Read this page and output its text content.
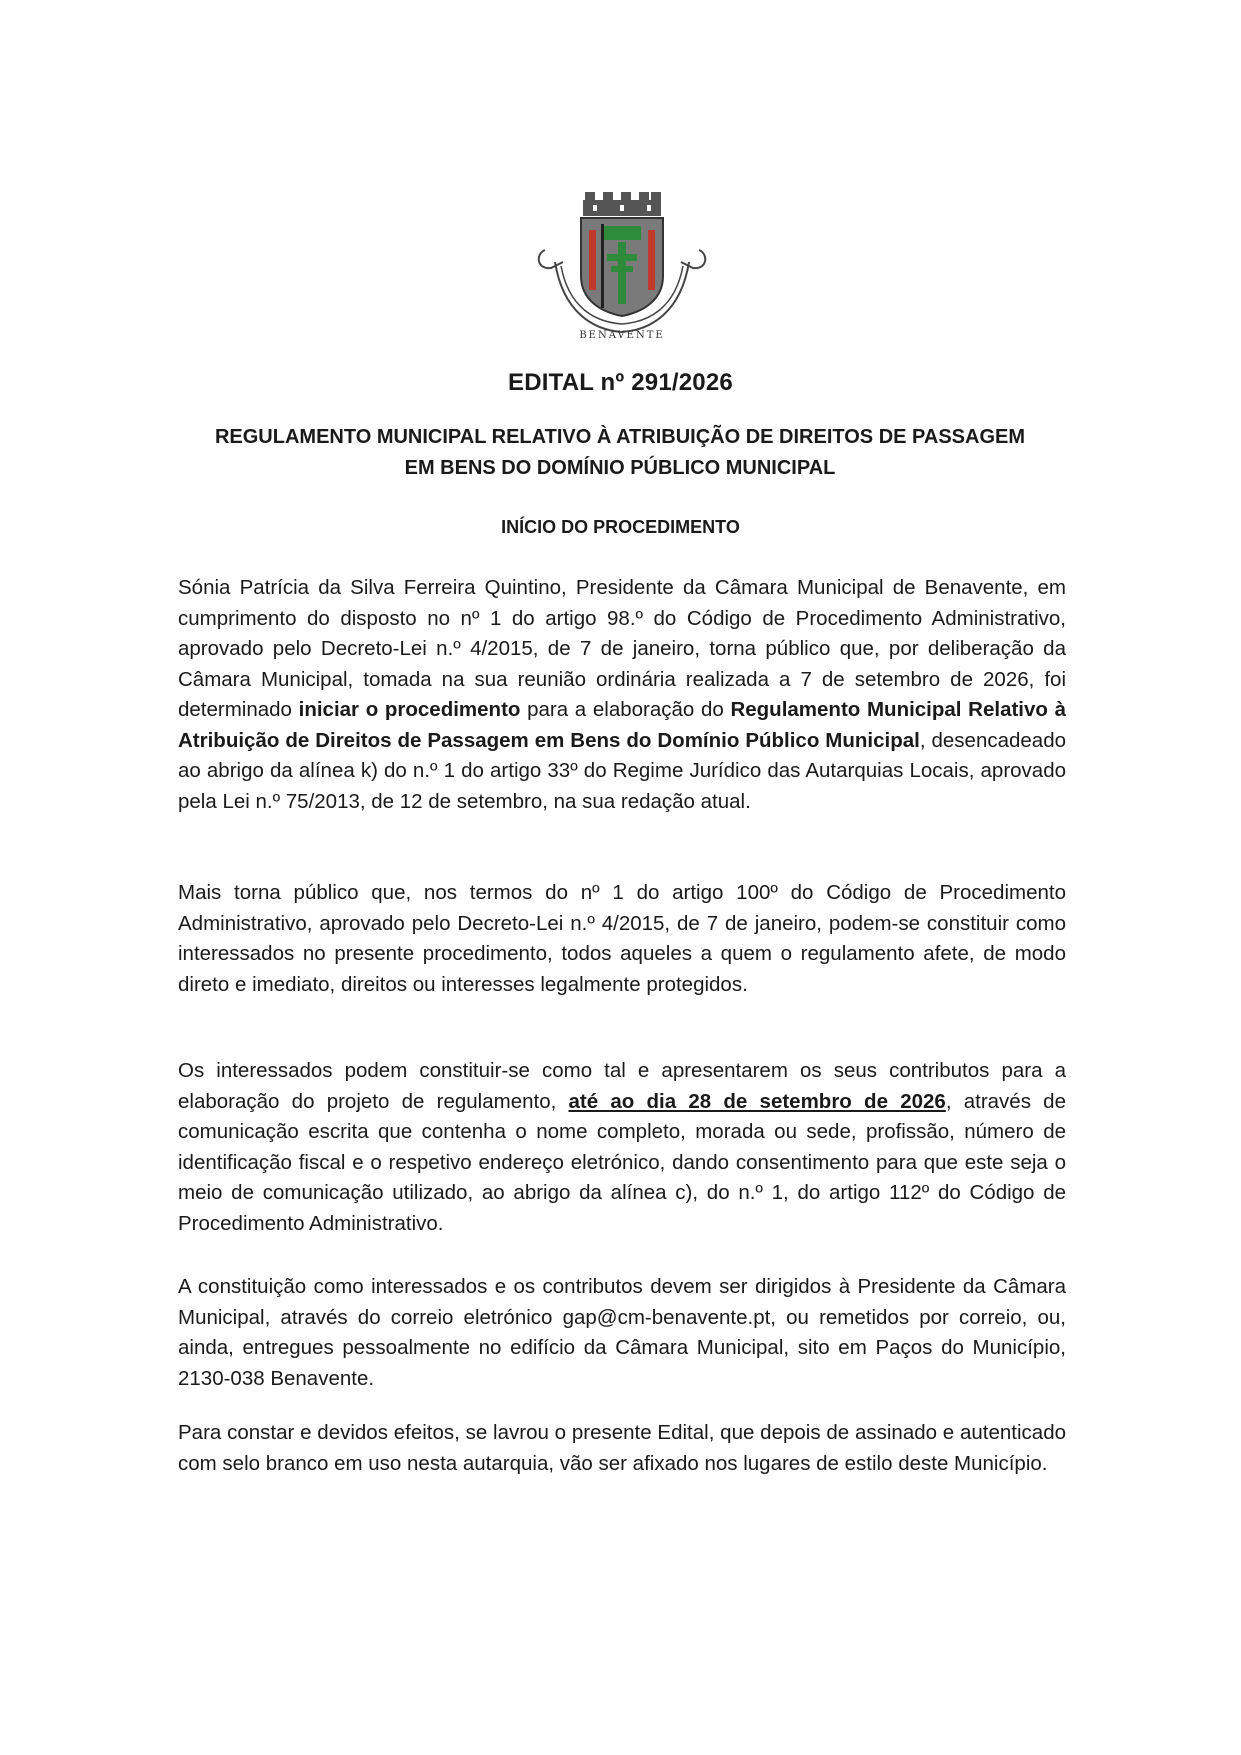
BENAVENTE
EDITAL nº 291/2026
REGULAMENTO MUNICIPAL RELATIVO À ATRIBUIÇÃO DE DIREITOS DE PASSAGEM
EM BENS DO DOMÍNIO PÚBLICO MUNICIPAL
INÍCIO DO PROCEDIMENTO

Sónia Patrícia da Silva Ferreira Quintino, Presidente da Câmara Municipal de Benavente, em cumprimento do disposto no nº 1 do artigo 98.º do Código de Procedimento Administrativo, aprovado pelo Decreto-Lei n.º 4/2015, de 7 de janeiro, torna público que, por deliberação da Câmara Municipal, tomada na sua reunião ordinária realizada a 7 de setembro de 2026, foi determinado iniciar o procedimento para a elaboração do Regulamento Municipal Relativo à Atribuição de Direitos de Passagem em Bens do Domínio Público Municipal, desencadeado ao abrigo da alínea k) do n.º 1 do artigo 33º do Regime Jurídico das Autarquias Locais, aprovado pela Lei n.º 75/2013, de 12 de setembro, na sua redação atual.

Mais torna público que, nos termos do nº 1 do artigo 100º do Código de Procedimento Administrativo, aprovado pelo Decreto-Lei n.º 4/2015, de 7 de janeiro, podem-se constituir como interessados no presente procedimento, todos aqueles a quem o regulamento afete, de modo direto e imediato, direitos ou interesses legalmente protegidos.

Os interessados podem constituir-se como tal e apresentarem os seus contributos para a elaboração do projeto de regulamento, até ao dia 28 de setembro de 2026, através de comunicação escrita que contenha o nome completo, morada ou sede, profissão, número de identificação fiscal e o respetivo endereço eletrónico, dando consentimento para que este seja o meio de comunicação utilizado, ao abrigo da alínea c), do n.º 1, do artigo 112º do Código de Procedimento Administrativo.

A constituição como interessados e os contributos devem ser dirigidos à Presidente da Câmara Municipal, através do correio eletrónico gap@cm-benavente.pt, ou remetidos por correio, ou, ainda, entregues pessoalmente no edifício da Câmara Municipal, sito em Paços do Município, 2130-038 Benavente.

Para constar e devidos efeitos, se lavrou o presente Edital, que depois de assinado e autenticado com selo branco em uso nesta autarquia, vão ser afixado nos lugares de estilo deste Município.
